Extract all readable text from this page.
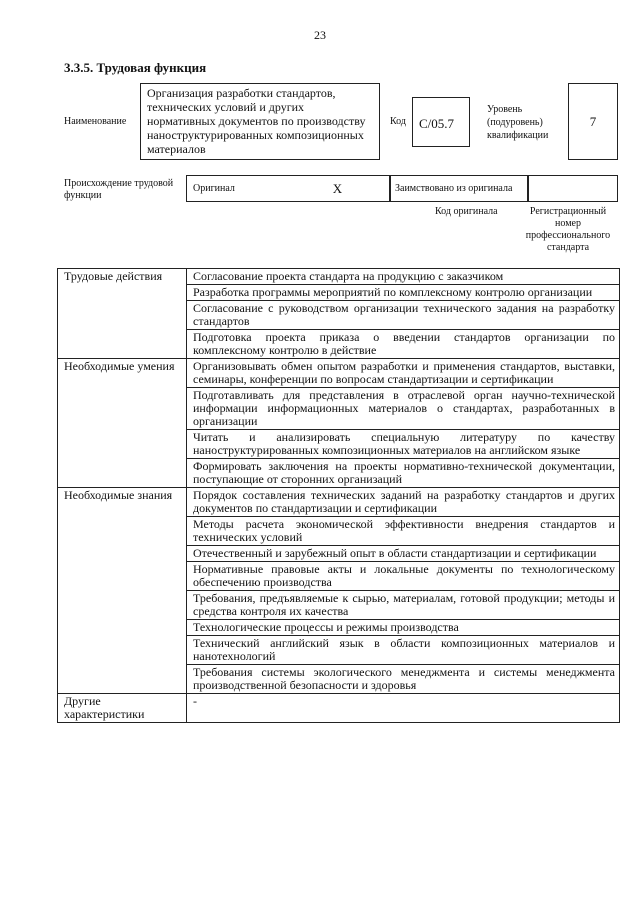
23
3.3.5. Трудовая функция
Наименование
Организация разработки стандартов, технических условий и других нормативных документов по производству наноструктурированных композиционных материалов
Код	C/05.7
Уровень (подуровень) квалификации
7
Происхождение трудовой функции
Оригинал	X	Заимствовано из оригинала
Код оригинала	Регистрационный номер профессионального стандарта
Трудовые действия	Согласование проекта стандарта на продукцию с заказчиком
	Разработка программы мероприятий по комплексному контролю организации
	Согласование с руководством организации технического задания на разработку стандартов
	Подготовка проекта приказа о введении стандартов организации по комплексному контролю в действие
Необходимые умения	Организовывать обмен опытом разработки и применения стандартов, выставки, семинары, конференции по вопросам стандартизации и сертификации
	Подготавливать для представления в отраслевой орган научно-технической информации информационных материалов о стандартах, разработанных в организации
	Читать и анализировать специальную литературу по качеству наноструктурированных композиционных материалов на английском языке
	Формировать заключения на проекты нормативно-технической документации, поступающие от сторонних организаций
Необходимые знания	Порядок составления технических заданий на разработку стандартов и других документов по стандартизации и сертификации
	Методы расчета экономической эффективности внедрения стандартов и технических условий
	Отечественный и зарубежный опыт в области стандартизации и сертификации
	Нормативные правовые акты и локальные документы по технологическому обеспечению производства
	Требования, предъявляемые к сырью, материалам, готовой продукции; методы и средства контроля их качества
	Технологические процессы и режимы производства
	Технический английский язык в области композиционных материалов и нанотехнологий
	Требования системы экологического менеджмента и системы менеджмента производственной безопасности и здоровья
Другие характеристики	-
